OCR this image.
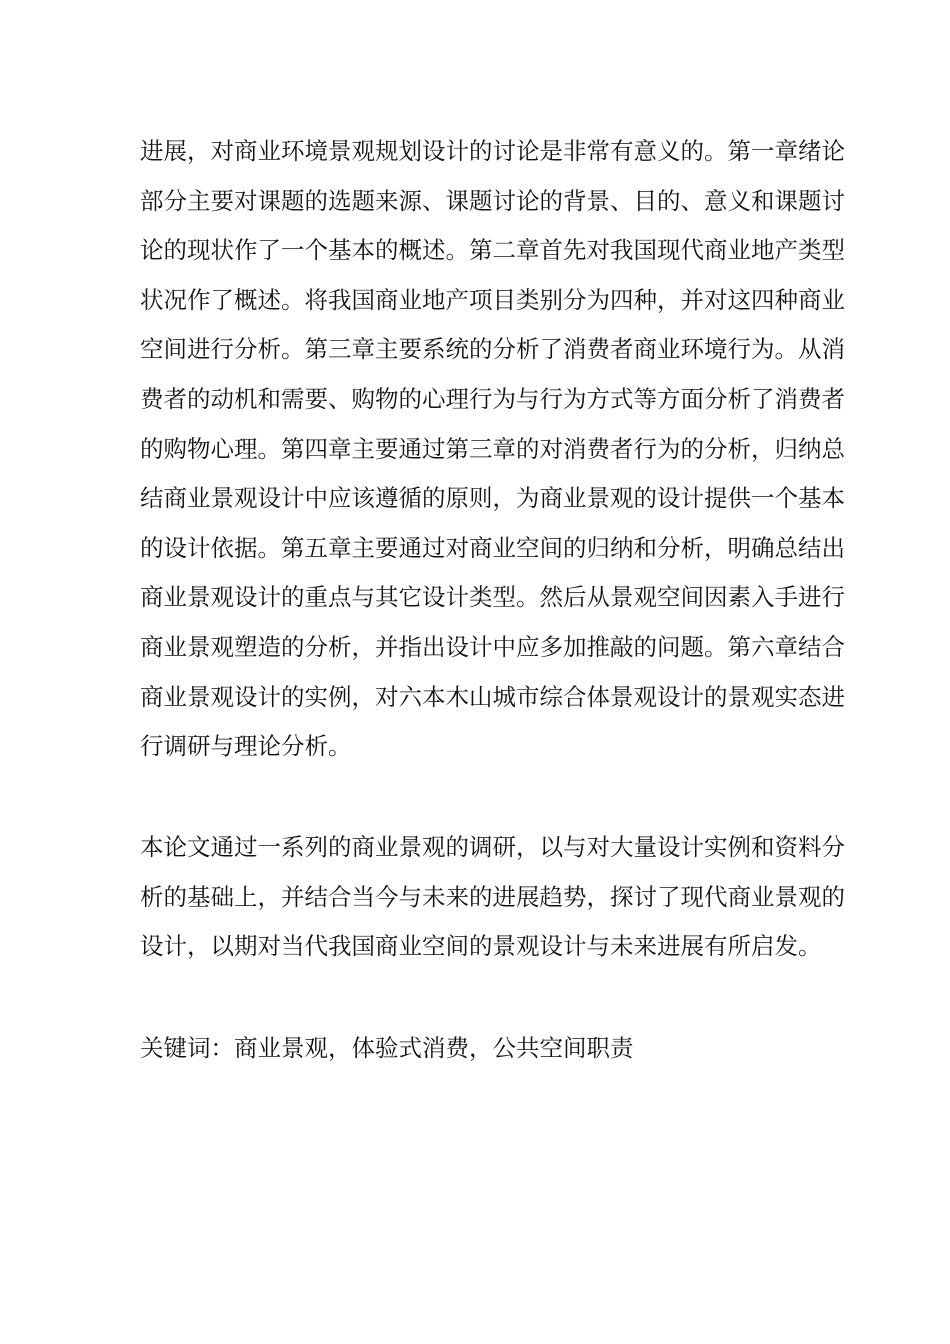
进展，对商业环境景观规划设计的讨论是非常有意义的。第一章绪论
部分主要对课题的选题来源、课题讨论的背景、目的、意义和课题讨
论的现状作了一个基本的概述。第二章首先对我国现代商业地产类型
状况作了概述。将我国商业地产项目类别分为四种，并对这四种商业
空间进行分析。第三章主要系统的分析了消费者商业环境行为。从消
费者的动机和需要、购物的心理行为与行为方式等方面分析了消费者
的购物心理。第四章主要通过第三章的对消费者行为的分析，归纳总
结商业景观设计中应该遵循的原则，为商业景观的设计提供一个基本
的设计依据。第五章主要通过对商业空间的归纳和分析，明确总结出
商业景观设计的重点与其它设计类型。然后从景观空间因素入手进行
商业景观塑造的分析，并指出设计中应多加推敲的问题。第六章结合
商业景观设计的实例，对六本木山城市综合体景观设计的景观实态进
行调研与理论分析。
本论文通过一系列的商业景观的调研，以与对大量设计实例和资料分
析的基础上，并结合当今与未来的进展趋势，探讨了现代商业景观的
设计，以期对当代我国商业空间的景观设计与未来进展有所启发。
关键词：商业景观，体验式消费，公共空间职责
